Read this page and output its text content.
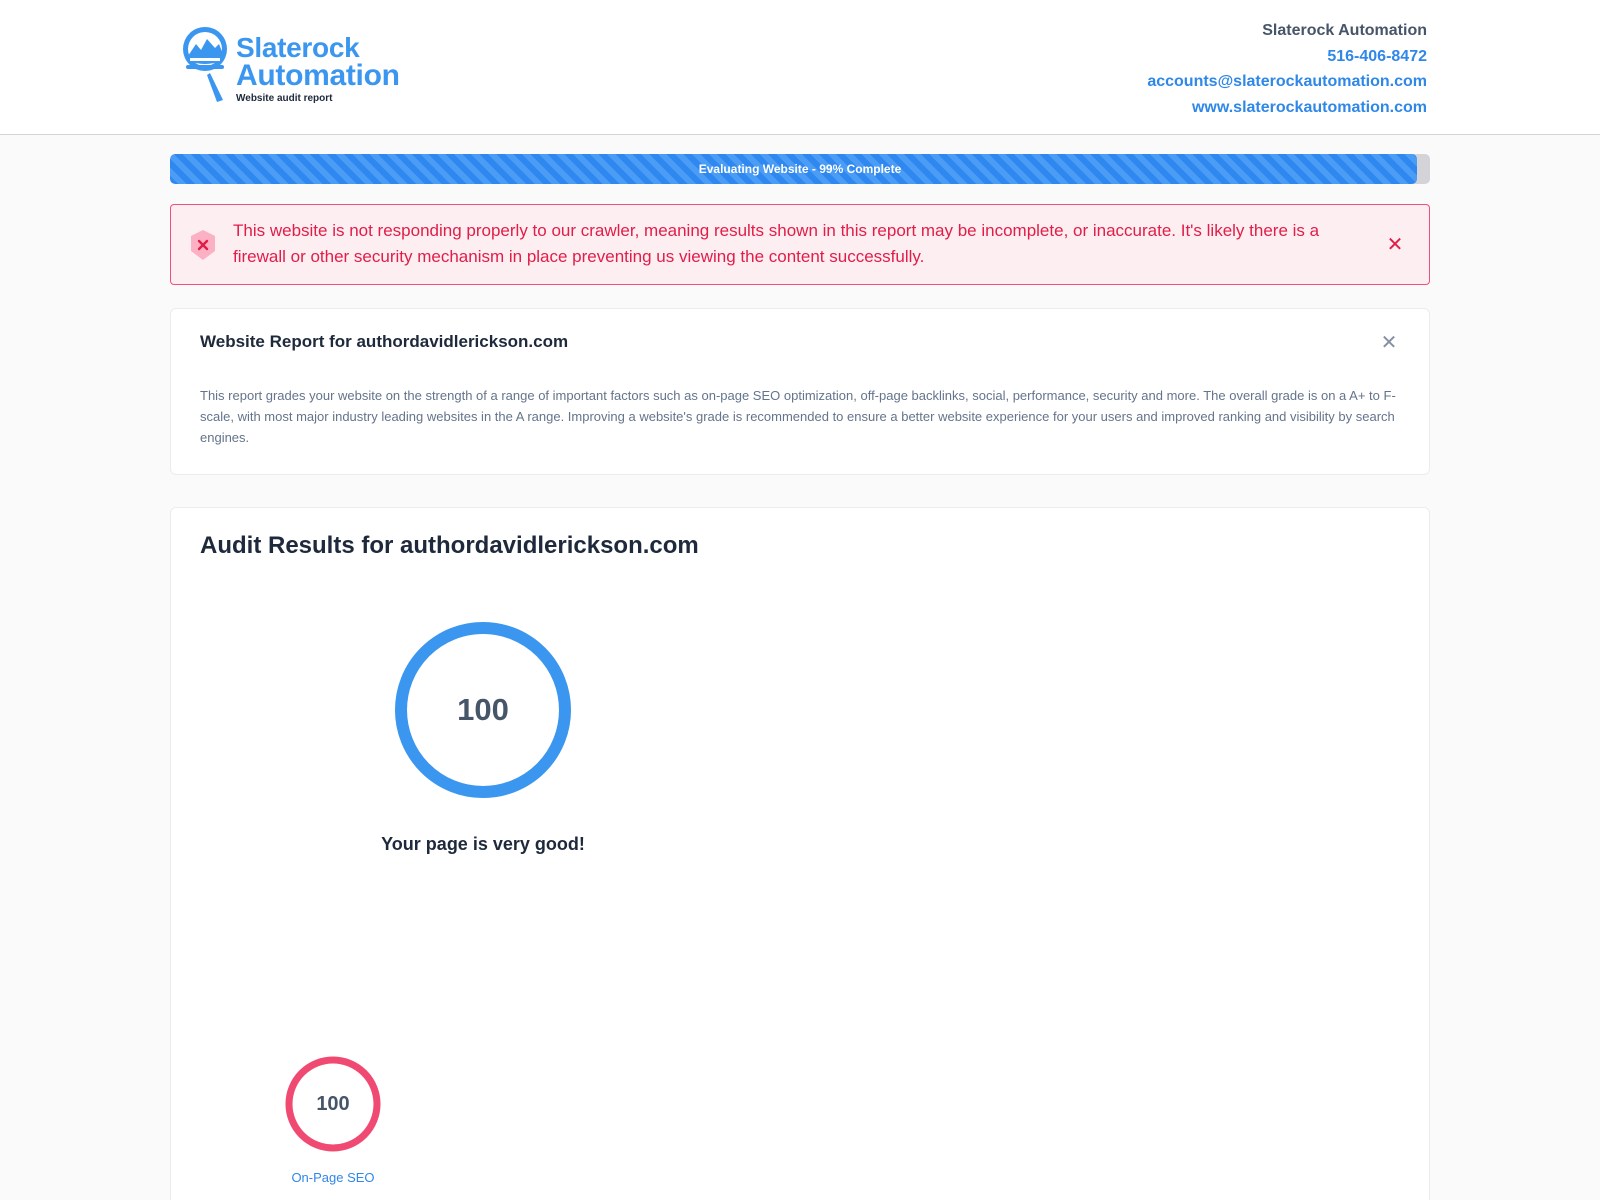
Slaterock
Automation
Website audit report
Slaterock Automation
516-406-8472
accounts@slaterockautomation.com
www.slaterockautomation.com
Evaluating Website - 99% Complete
This website is not responding properly to our crawler, meaning results shown in this report may be incomplete, or inaccurate. It's likely there is a firewall or other security mechanism in place preventing us viewing the content successfully.
✕
Website Report for authordavidlerickson.com	✕
This report grades your website on the strength of a range of important factors such as on-page SEO optimization, off-page backlinks, social, performance, security and more. The overall grade is on a A+ to F- scale, with most major industry leading websites in the A range. Improving a website's grade is recommended to ensure a better website experience for your users and improved ranking and visibility by search engines.
Audit Results for authordavidlerickson.com
100
Your page is very good!
100
On-Page SEO
